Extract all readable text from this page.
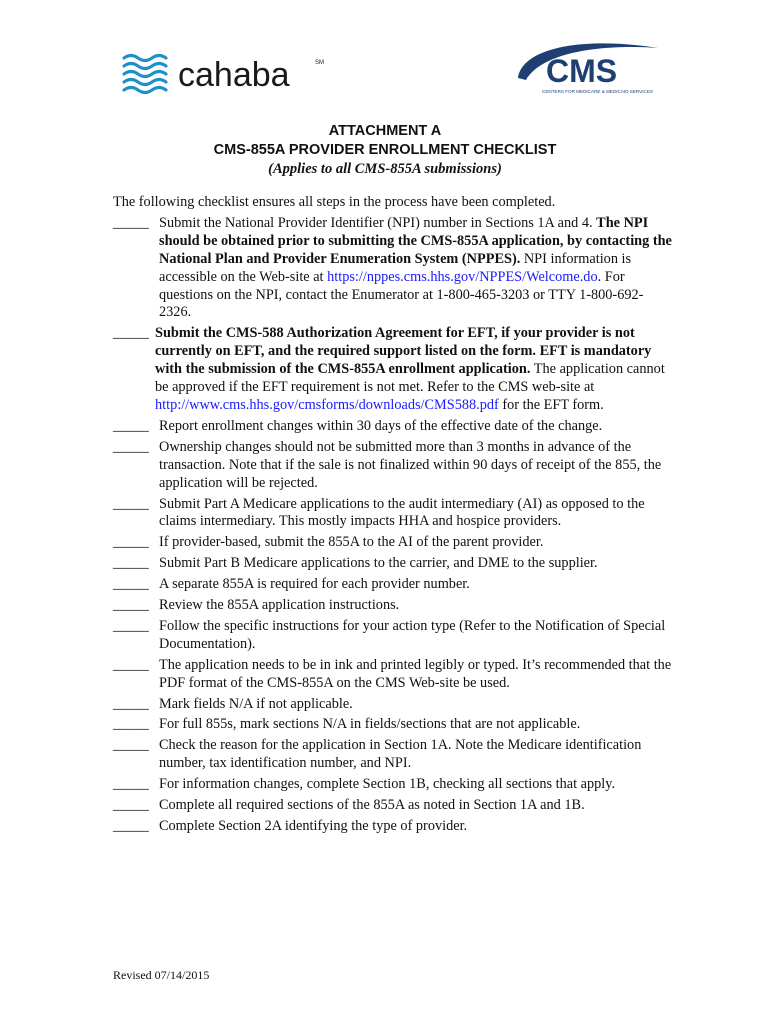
cahaba	SM	CMS
CENTERS FOR MEDICARE & MEDICAID SERVICES
ATTACHMENT A
CMS-855A PROVIDER ENROLLMENT CHECKLIST
(Applies to all CMS-855A submissions)
The following checklist ensures all steps in the process have been completed.
_____ Submit the National Provider Identifier (NPI) number in Sections 1A and 4. The NPI should be obtained prior to submitting the CMS-855A application, by contacting the National Plan and Provider Enumeration System (NPPES). NPI information is accessible on the Web-site at https://nppes.cms.hhs.gov/NPPES/Welcome.do. For questions on the NPI, contact the Enumerator at 1-800-465-3203 or TTY 1-800-692-2326.
_____ Submit the CMS-588 Authorization Agreement for EFT, if your provider is not currently on EFT, and the required support listed on the form. EFT is mandatory with the submission of the CMS-855A enrollment application. The application cannot be approved if the EFT requirement is not met. Refer to the CMS web-site at http://www.cms.hhs.gov/cmsforms/downloads/CMS588.pdf for the EFT form.
_____ Report enrollment changes within 30 days of the effective date of the change.
_____ Ownership changes should not be submitted more than 3 months in advance of the transaction. Note that if the sale is not finalized within 90 days of receipt of the 855, the application will be rejected.
_____ Submit Part A Medicare applications to the audit intermediary (AI) as opposed to the claims intermediary. This mostly impacts HHA and hospice providers.
_____ If provider-based, submit the 855A to the AI of the parent provider.
_____ Submit Part B Medicare applications to the carrier, and DME to the supplier.
_____ A separate 855A is required for each provider number.
_____ Review the 855A application instructions.
_____ Follow the specific instructions for your action type (Refer to the Notification of Special Documentation).
_____ The application needs to be in ink and printed legibly or typed. It’s recommended that the PDF format of the CMS-855A on the CMS Web-site be used.
_____ Mark fields N/A if not applicable.
_____ For full 855s, mark sections N/A in fields/sections that are not applicable.
_____ Check the reason for the application in Section 1A. Note the Medicare identification number, tax identification number, and NPI.
_____ For information changes, complete Section 1B, checking all sections that apply.
_____ Complete all required sections of the 855A as noted in Section 1A and 1B.
_____ Complete Section 2A identifying the type of provider.
Revised 07/14/2015
